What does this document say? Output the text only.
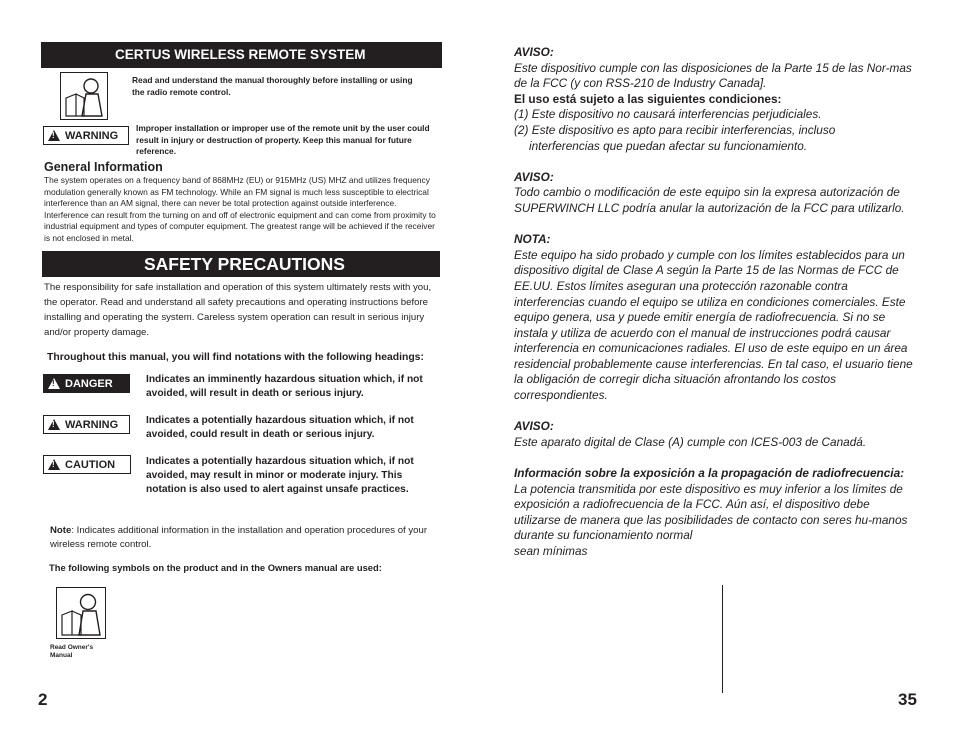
CERTUS WIRELESS REMOTE SYSTEM
Read and understand the manual thoroughly before installing or using the radio remote control.
!
WARNING
Improper installation or improper use of the remote unit by the user could result in injury or destruction of property. Keep this manual for future reference.
General Information
The system operates on a frequency band of 868MHz (EU) or 915MHz (US) MHZ and utilizes frequency modulation generally known as FM technology. While an FM signal is much less susceptible to electrical interference than an AM signal, there can never be total protection against outside interference. Interference can result from the turning on and off of electronic equipment and can come from proximity to industrial equipment and types of computer equipment. The greatest range will be achieved if the receiver is not enclosed in metal.
SAFETY PRECAUTIONS
The responsibility for safe installation and operation of this system ultimately rests with you, the operator. Read and understand all safety precautions and operating instructions before installing and operating the system. Careless system operation can result in serious injury and/or property damage.
Throughout this manual, you will find notations with the following headings:
!
DANGER	Indicates an imminently hazardous situation which, if not avoided, will result in death or serious injury.
!
WARNING	Indicates a potentially hazardous situation which, if not avoided, could result in death or serious injury.
!
CAUTION	Indicates a potentially hazardous situation which, if not avoided, may result in minor or moderate injury. This notation is also used to alert against unsafe practices.
Note: Indicates additional information in the installation and operation procedures of your wireless remote control.
The following symbols on the product and in the Owners manual are used:
Read Owner's
Manual
2
AVISO:
Este dispositivo cumple con las disposiciones de la Parte 15 de las Nor-mas de la FCC (y con RSS-210 de Industry Canada].
El uso está sujeto a las siguientes condiciones:
(1) Este dispositivo no causará interferencias perjudiciales.
(2) Este dispositivo es apto para recibir interferencias, incluso
interferencias que puedan afectar su funcionamiento.
AVISO:
Todo cambio o modificación de este equipo sin la expresa autorización de SUPERWINCH LLC podría anular la autorización de la FCC para utilizarlo.
NOTA:
Este equipo ha sido probado y cumple con los límites establecidos para un dispositivo digital de Clase A según la Parte 15 de las Normas de FCC de EE.UU. Estos límites aseguran una protección razonable contra interferencias cuando el equipo se utiliza en condiciones comerciales. Este equipo genera, usa y puede emitir energía de radiofrecuencia. Si no se instala y utiliza de acuerdo con el manual de instrucciones podrá causar interferencia en comunicaciones radiales. El uso de este equipo en un área residencial probablemente cause interferencias. En tal caso, el usuario tiene la obligación de corregir dicha situación afrontando los costos correspondientes.
AVISO:
Este aparato digital de Clase (A) cumple con ICES-003 de Canadá.
Información sobre la exposición a la propagación de radiofrecuencia:
La potencia transmitida por este dispositivo es muy inferior a los límites de exposición a radiofrecuencia de la FCC. Aún así, el dispositivo debe utilizarse de manera que las posibilidades de contacto con seres hu-manos durante su funcionamiento normal
sean mínimas
35
